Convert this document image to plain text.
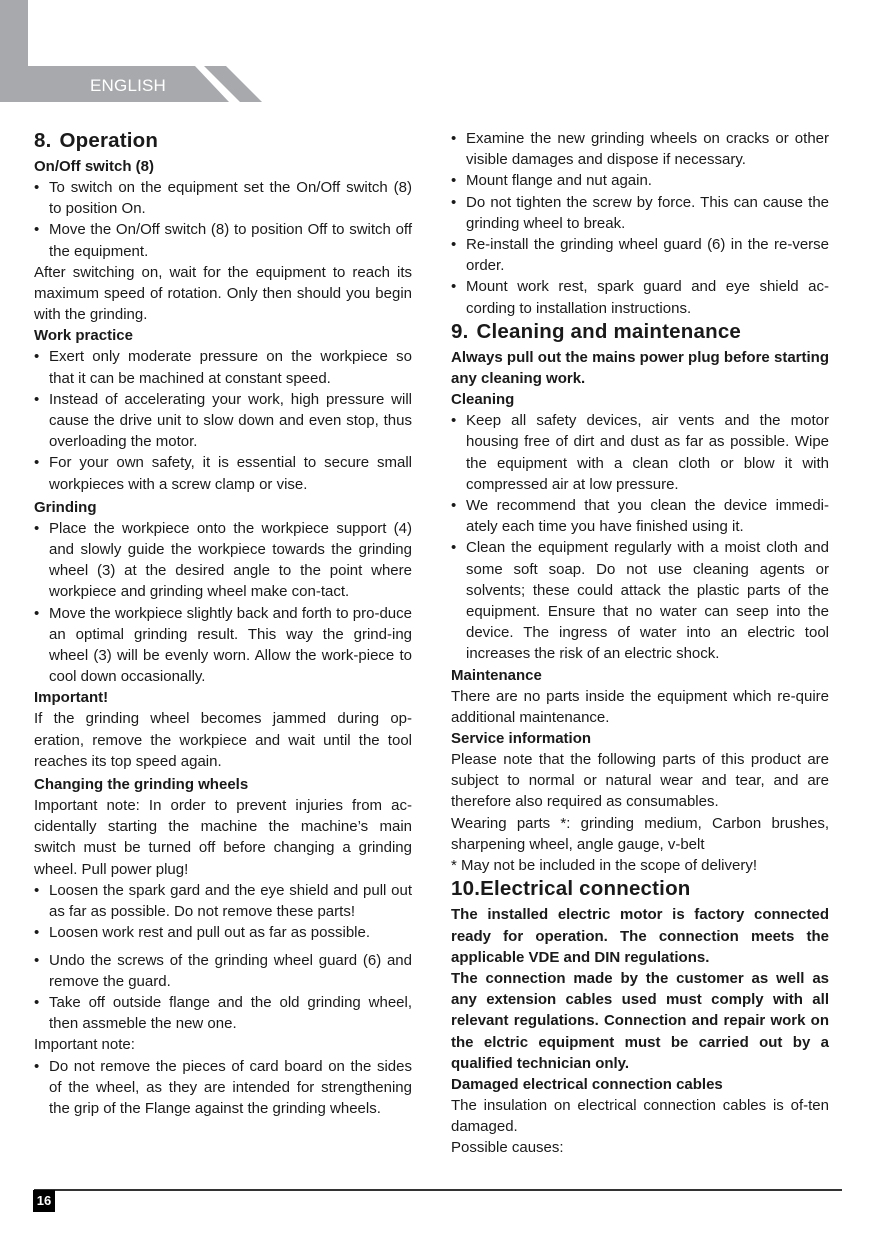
ENGLISH
8. Operation
On/Off switch (8)
• To switch on the equipment set the On/Off switch (8) to position On.
• Move the On/Off switch (8) to position Off to switch off the equipment.
After switching on, wait for the equipment to reach its maximum speed of rotation. Only then should you begin with the grinding.
Work practice
• Exert only moderate pressure on the workpiece so that it can be machined at constant speed.
• Instead of accelerating your work, high pressure will cause the drive unit to slow down and even stop, thus overloading the motor.
• For your own safety, it is essential to secure small workpieces with a screw clamp or vise.
Grinding
• Place the workpiece onto the workpiece support (4) and slowly guide the workpiece towards the grinding wheel (3) at the desired angle to the point where workpiece and grinding wheel make con-tact.
• Move the workpiece slightly back and forth to pro-duce an optimal grinding result. This way the grind-ing wheel (3) will be evenly worn. Allow the work-piece to cool down occasionally.
Important!
If the grinding wheel becomes jammed during op-eration, remove the workpiece and wait until the tool reaches its top speed again.
Changing the grinding wheels
Important note: In order to prevent injuries from ac-cidentally starting the machine the machine’s main switch must be turned off before changing a grinding wheel. Pull power plug!
• Loosen the spark gard and the eye shield and pull out as far as possible. Do not remove these parts!
• Loosen work rest and pull out as far as possible.
• Undo the screws of the grinding wheel guard (6) and remove the guard.
• Take off outside flange and the old grinding wheel, then assmeble the new one.
Important note:
• Do not remove the pieces of card board on the sides of the wheel, as they are intended for strengthening the grip of the Flange against the grinding wheels.
• Examine the new grinding wheels on cracks or other visible damages and dispose if necessary.
• Mount flange and nut again.
• Do not tighten the screw by force. This can cause the grinding wheel to break.
• Re-install the grinding wheel guard (6) in the re-verse order.
• Mount work rest, spark guard and eye shield ac-cording to installation instructions.
9. Cleaning and maintenance
Always pull out the mains power plug before starting any cleaning work.
Cleaning
• Keep all safety devices, air vents and the motor housing free of dirt and dust as far as possible. Wipe the equipment with a clean cloth or blow it with compressed air at low pressure.
• We recommend that you clean the device immedi-ately each time you have finished using it.
• Clean the equipment regularly with a moist cloth and some soft soap. Do not use cleaning agents or solvents; these could attack the plastic parts of the equipment. Ensure that no water can seep into the device. The ingress of water into an electric tool increases the risk of an electric shock.
Maintenance
There are no parts inside the equipment which re-quire additional maintenance.
Service information
Please note that the following parts of this product are subject to normal or natural wear and tear, and are therefore also required as consumables.
Wearing parts *: grinding medium, Carbon brushes, sharpening wheel, angle gauge, v-belt
* May not be included in the scope of delivery!
10.Electrical connection
The installed electric motor is factory connected ready for operation. The connection meets the applicable VDE and DIN regulations.
The connection made by the customer as well as any extension cables used must comply with all relevant regulations. Connection and repair work on the elctric equipment must be carried out by a qualified technician only.
Damaged electrical connection cables
The insulation on electrical connection cables is of-ten damaged.
Possible causes:
16
